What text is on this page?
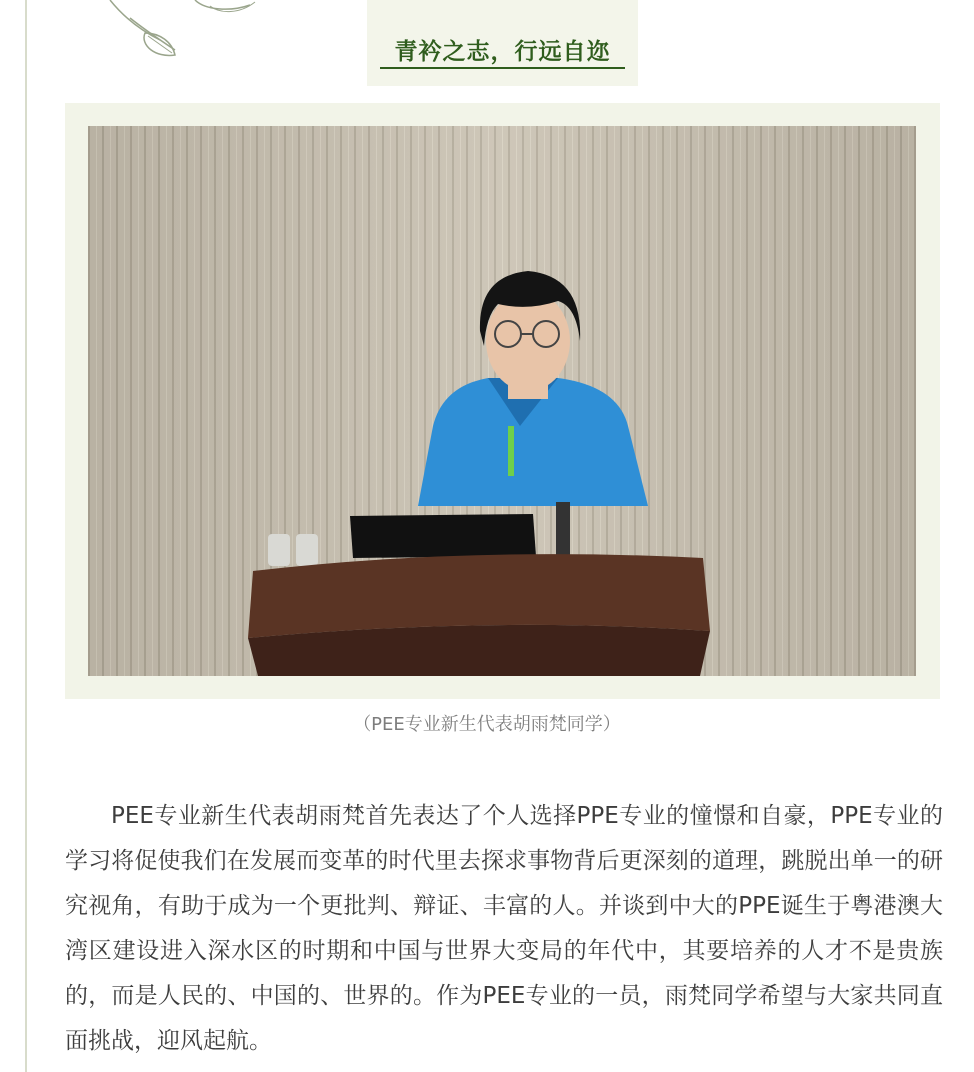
青衿之志，行远自迩
（PEE专业新生代表胡雨梵同学）

PEE专业新生代表胡雨梵首先表达了个人选择PPE专业的憧憬和自豪，PPE专业的学习将促使我们在发展而变革的时代里去探求事物背后更深刻的道理，跳脱出单一的研究视角，有助于成为一个更批判、辩证、丰富的人。并谈到中大的PPE诞生于粤港澳大湾区建设进入深水区的时期和中国与世界大变局的年代中，其要培养的人才不是贵族的，而是人民的、中国的、世界的。作为PEE专业的一员，雨梵同学希望与大家共同直面挑战，迎风起航。
